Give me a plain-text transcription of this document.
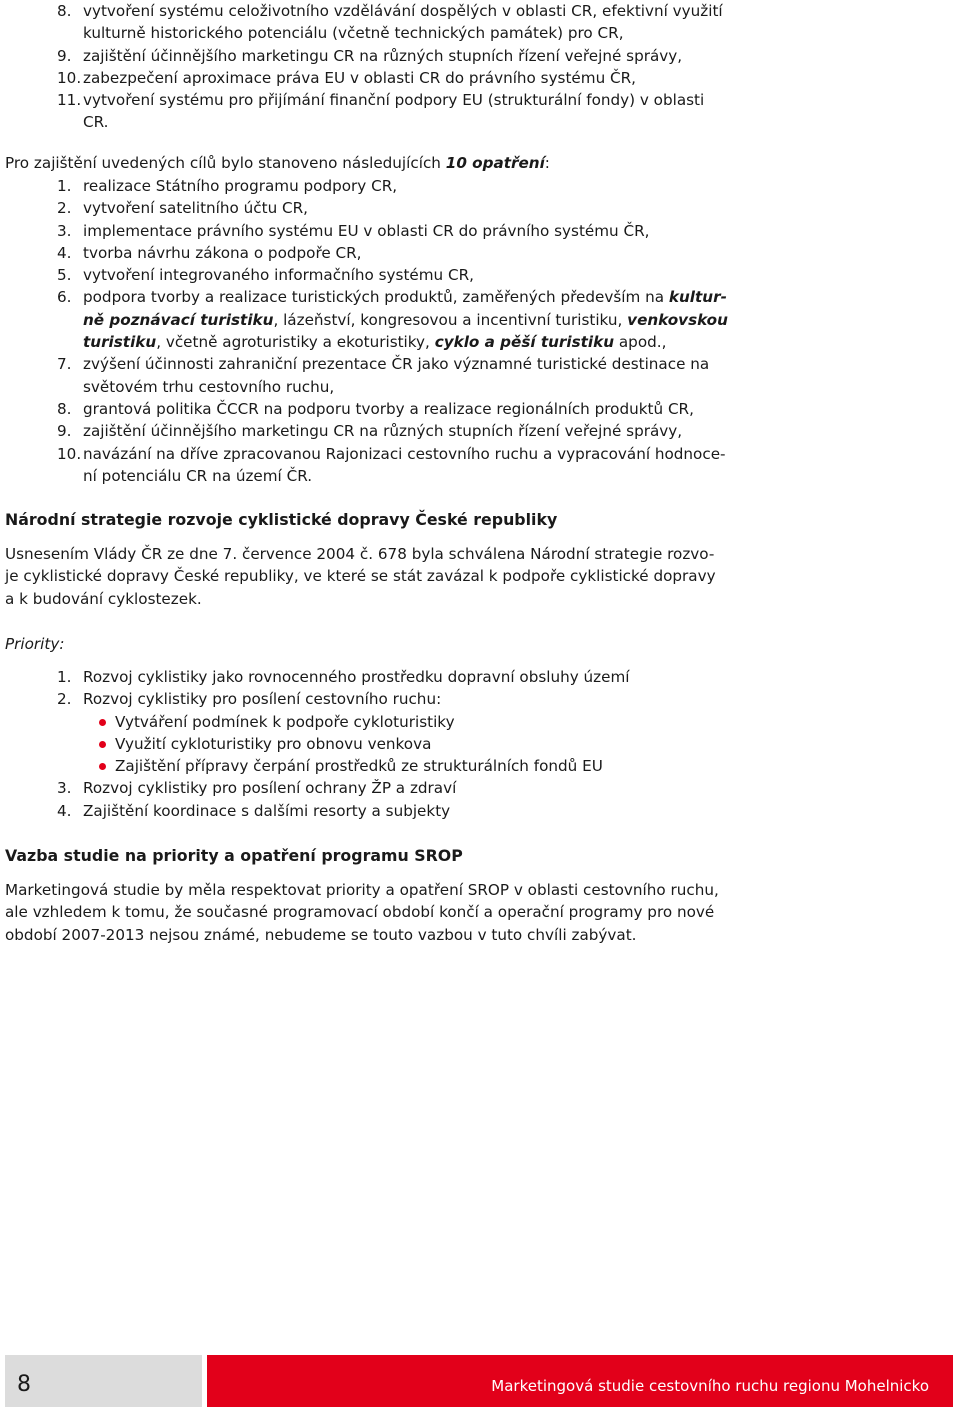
8. vytvoření systému celoživotního vzdělávání dospělých v oblasti CR, efektivní využití
kulturně historického potenciálu (včetně technických památek) pro CR,
9. zajištění účinnějšího marketingu CR na různých stupních řízení veřejné správy,
10. zabezpečení aproximace práva EU v oblasti CR do právního systému ČR,
11. vytvoření systému pro přijímání finanční podpory EU (strukturální fondy) v oblasti
CR.

Pro zajištění uvedených cílů bylo stanoveno následujících 10 opatření:

1. realizace Státního programu podpory CR,
2. vytvoření satelitního účtu CR,
3. implementace právního systému EU v oblasti CR do právního systému ČR,
4. tvorba návrhu zákona o podpoře CR,
5. vytvoření integrovaného informačního systému CR,
6. podpora tvorby a realizace turistických produktů, zaměřených především na kultur-
ně poznávací turistiku, lázeňství, kongresovou a incentivní turistiku, venkovskou
turistiku, včetně agroturistiky a ekoturistiky, cyklo a pěší turistiku apod.,
7. zvýšení účinnosti zahraniční prezentace ČR jako významné turistické destinace na
světovém trhu cestovního ruchu,
8. grantová politika ČCCR na podporu tvorby a realizace regionálních produktů CR,
9. zajištění účinnějšího marketingu CR na různých stupních řízení veřejné správy,
10. navázání na dříve zpracovanou Rajonizaci cestovního ruchu a vypracování hodnoce-
ní potenciálu CR na území ČR.
Národní strategie rozvoje cyklistické dopravy České republiky

Usnesením Vlády ČR ze dne 7. července 2004 č. 678 byla schválena Národní strategie rozvo-
je cyklistické dopravy České republiky, ve které se stát zavázal k podpoře cyklistické dopravy
a k budování cyklostezek.

Priority:

1. Rozvoj cyklistiky jako rovnocenného prostředku dopravní obsluhy území
2. Rozvoj cyklistiky pro posílení cestovního ruchu:
Vytváření podmínek k podpoře cykloturistiky
Využití cykloturistiky pro obnovu venkova
Zajištění přípravy čerpání prostředků ze strukturálních fondů EU
3. Rozvoj cyklistiky pro posílení ochrany ŽP a zdraví
4. Zajištění koordinace s dalšími resorty a subjekty
Vazba studie na priority a opatření programu SROP

Marketingová studie by měla respektovat priority a opatření SROP v oblasti cestovního ruchu,
ale vzhledem k tomu, že současné programovací období končí a operační programy pro nové
období 2007-2013 nejsou známé, nebudeme se touto vazbou v tuto chvíli zabývat.

8	Marketingová studie cestovního ruchu regionu Mohelnicko
